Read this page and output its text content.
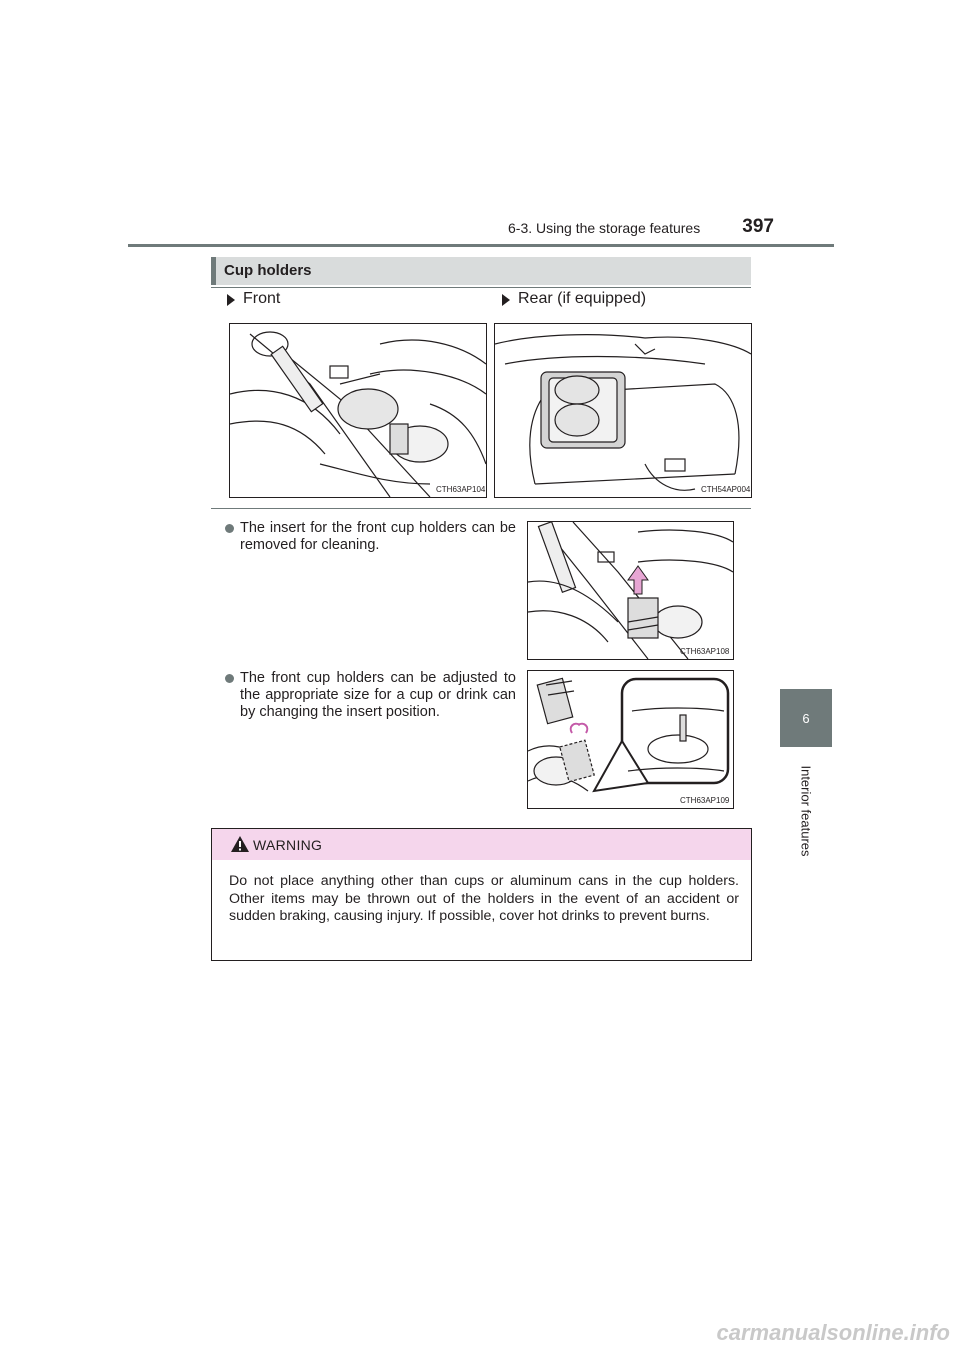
6-3. Using the storage features	397
6
Interior features
Cup holders
Front	Rear (if equipped)
CTH63AP104	CTH54AP004
The insert for the front cup holders can be removed for cleaning.
CTH63AP108
The front cup holders can be adjusted to the appropriate size for a cup or drink can by changing the insert position.
CTH63AP109
WARNING
Do not place anything other than cups or aluminum cans in the cup holders. Other items may be thrown out of the holders in the event of an accident or sudden braking, causing injury. If possible, cover hot drinks to prevent burns.
carmanualsonline.info
